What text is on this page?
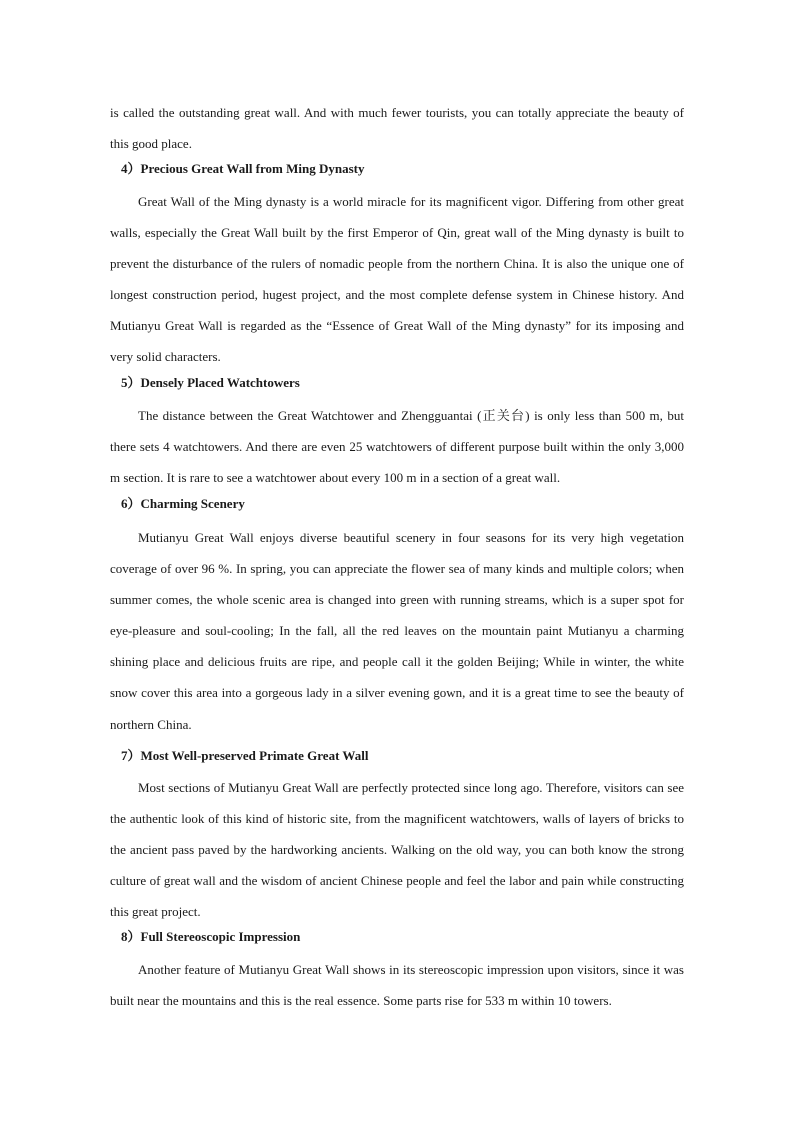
is called the outstanding great wall. And with much fewer tourists, you can totally appreciate the beauty of this good place.

4）Precious Great Wall from Ming Dynasty

Great Wall of the Ming dynasty is a world miracle for its magnificent vigor. Differing from other great walls, especially the Great Wall built by the first Emperor of Qin, great wall of the Ming dynasty is built to prevent the disturbance of the rulers of nomadic people from the northern China. It is also the unique one of longest construction period, hugest project, and the most complete defense system in Chinese history. And Mutianyu Great Wall is regarded as the “Essence of Great Wall of the Ming dynasty” for its imposing and very solid characters.

5）Densely Placed Watchtowers

The distance between the Great Watchtower and Zhengguantai (正关台) is only less than 500 m, but there sets 4 watchtowers. And there are even 25 watchtowers of different purpose built within the only 3,000 m section. It is rare to see a watchtower about every 100 m in a section of a great wall.

6）Charming Scenery

Mutianyu Great Wall enjoys diverse beautiful scenery in four seasons for its very high vegetation coverage of over 96 %. In spring, you can appreciate the flower sea of many kinds and multiple colors; when summer comes, the whole scenic area is changed into green with running streams, which is a super spot for eye-pleasure and soul-cooling; In the fall, all the red leaves on the mountain paint Mutianyu a charming shining place and delicious fruits are ripe, and people call it the golden Beijing; While in winter, the white snow cover this area into a gorgeous lady in a silver evening gown, and it is a great time to see the beauty of northern China.

7）Most Well-preserved Primate Great Wall

Most sections of Mutianyu Great Wall are perfectly protected since long ago. Therefore, visitors can see the authentic look of this kind of historic site, from the magnificent watchtowers, walls of layers of bricks to the ancient pass paved by the hardworking ancients. Walking on the old way, you can both know the strong culture of great wall and the wisdom of ancient Chinese people and feel the labor and pain while constructing this great project.

8）Full Stereoscopic Impression

Another feature of Mutianyu Great Wall shows in its stereoscopic impression upon visitors, since it was built near the mountains and this is the real essence. Some parts rise for 533 m within 10 towers.
